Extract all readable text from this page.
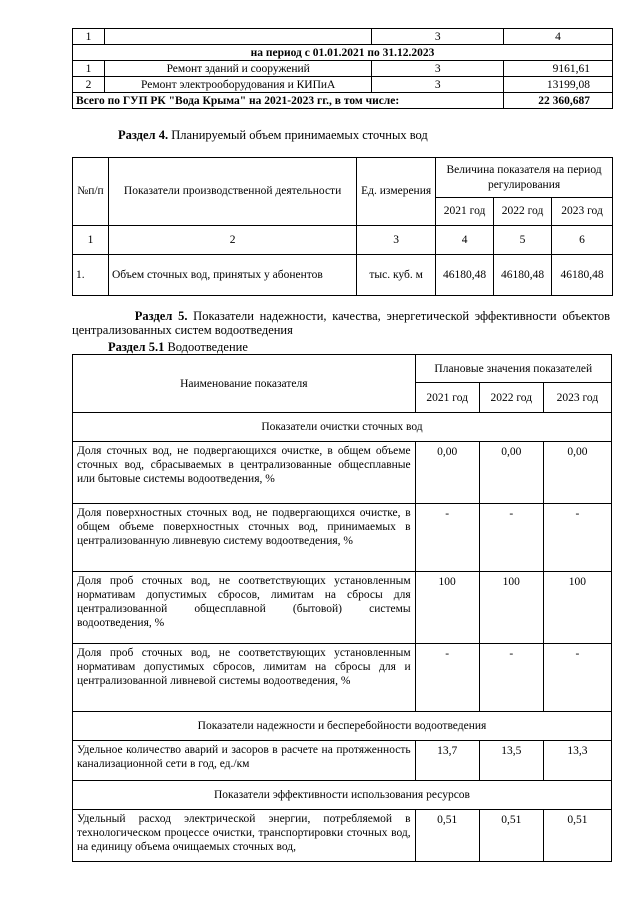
1		3	4
на период с 01.01.2021 по 31.12.2023			
1	Ремонт зданий и сооружений	3	9161,61
2	Ремонт электрооборудования и КИПиА	3	13199,08
Всего по ГУП РК "Вода Крыма" на 2021-2023 гг., в том числе:			22 360,687
Раздел 4. Планируемый объем принимаемых сточных вод
№п/п	Показатели производственной деятельности	Ед. измерения	Величина показателя на период регулирования		
			2021 год	2022 год	2023 год
1	2	3	4	5	6
1.	Объем сточных вод, принятых у абонентов	тыс. куб. м	46180,48	46180,48	46180,48
Раздел 5. Показатели надежности, качества, энергетической эффективности объектов централизованных систем водоотведения
Раздел 5.1 Водоотведение
Наименование показателя	Плановые значения показателей		
	2021 год	2022 год	2023 год
Показатели очистки сточных вод			
Доля сточных вод, не подвергающихся очистке, в общем объеме сточных вод, сбрасываемых в централизованные общесплавные или бытовые системы водоотведения, %	0,00	0,00	0,00
Доля поверхностных сточных вод, не подвергающихся очистке, в общем объеме поверхностных сточных вод, принимаемых в централизованную ливневую систему водоотведения, %	-	-	-
Доля проб сточных вод, не соответствующих установленным нормативам допустимых сбросов, лимитам на сбросы для централизованной общесплавной (бытовой) системы водоотведения, %	100	100	100
Доля проб сточных вод, не соответствующих установленным нормативам допустимых сбросов, лимитам на сбросы для и централизованной ливневой системы водоотведения, %	-	-	-
Показатели надежности и бесперебойности водоотведения			
Удельное количество аварий и засоров в расчете на протяженность канализационной сети в год, ед./км	13,7	13,5	13,3
Показатели эффективности использования ресурсов			
Удельный расход электрической энергии, потребляемой в технологическом процессе очистки, транспортировки сточных вод, на единицу объема очищаемых сточных вод,	0,51	0,51	0,51
